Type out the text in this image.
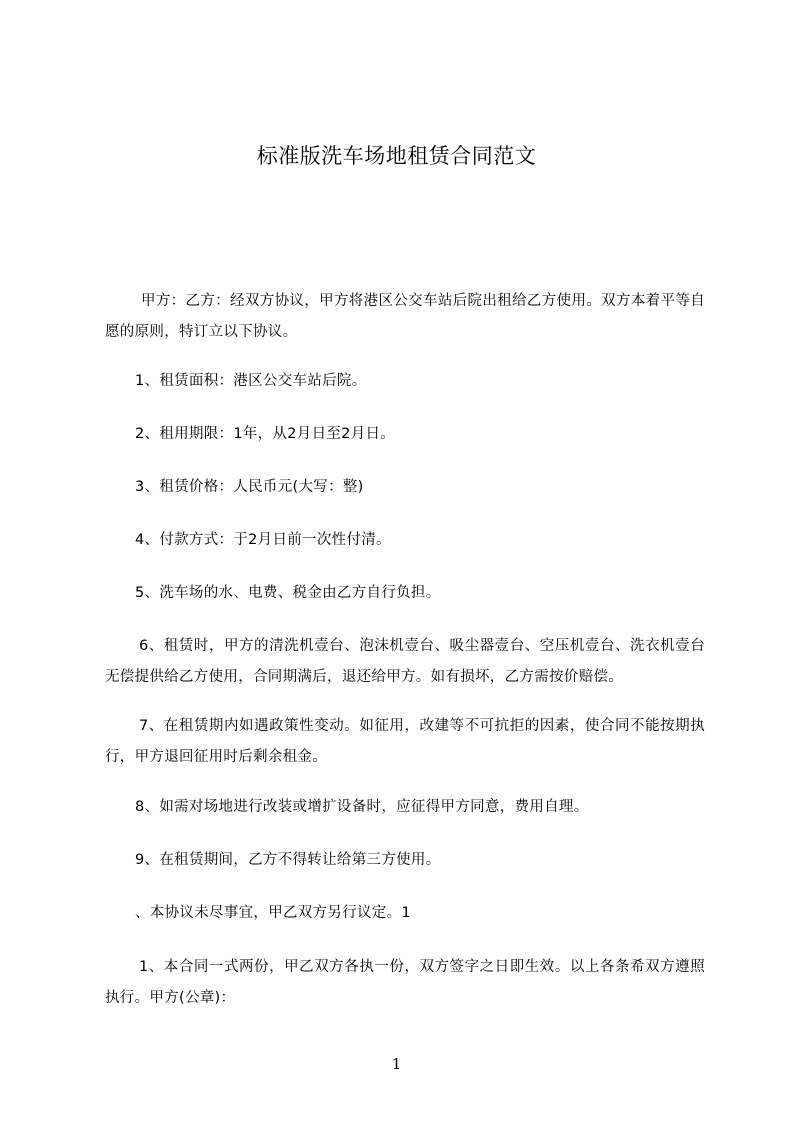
标准版洗车场地租赁合同范文

甲方：乙方：经双方协议，甲方将港区公交车站后院出租给乙方使用。双方本着平等自愿的原则，特订立以下协议。

1、租赁面积：港区公交车站后院。

2、租用期限：1年，从2月日至2月日。

3、租赁价格：人民币元(大写：整)

4、付款方式：于2月日前一次性付清。

5、洗车场的水、电费、税金由乙方自行负担。

6、租赁时，甲方的清洗机壹台、泡沫机壹台、吸尘器壹台、空压机壹台、洗衣机壹台无偿提供给乙方使用，合同期满后，退还给甲方。如有损坏，乙方需按价赔偿。

7、在租赁期内如遇政策性变动。如征用，改建等不可抗拒的因素，使合同不能按期执行，甲方退回征用时后剩余租金。

8、如需对场地进行改装或增扩设备时，应征得甲方同意，费用自理。

9、在租赁期间，乙方不得转让给第三方使用。

、本协议未尽事宜，甲乙双方另行议定。1

1、本合同一式两份，甲乙双方各执一份，双方签字之日即生效。以上各条希双方遵照执行。甲方(公章)：

1
